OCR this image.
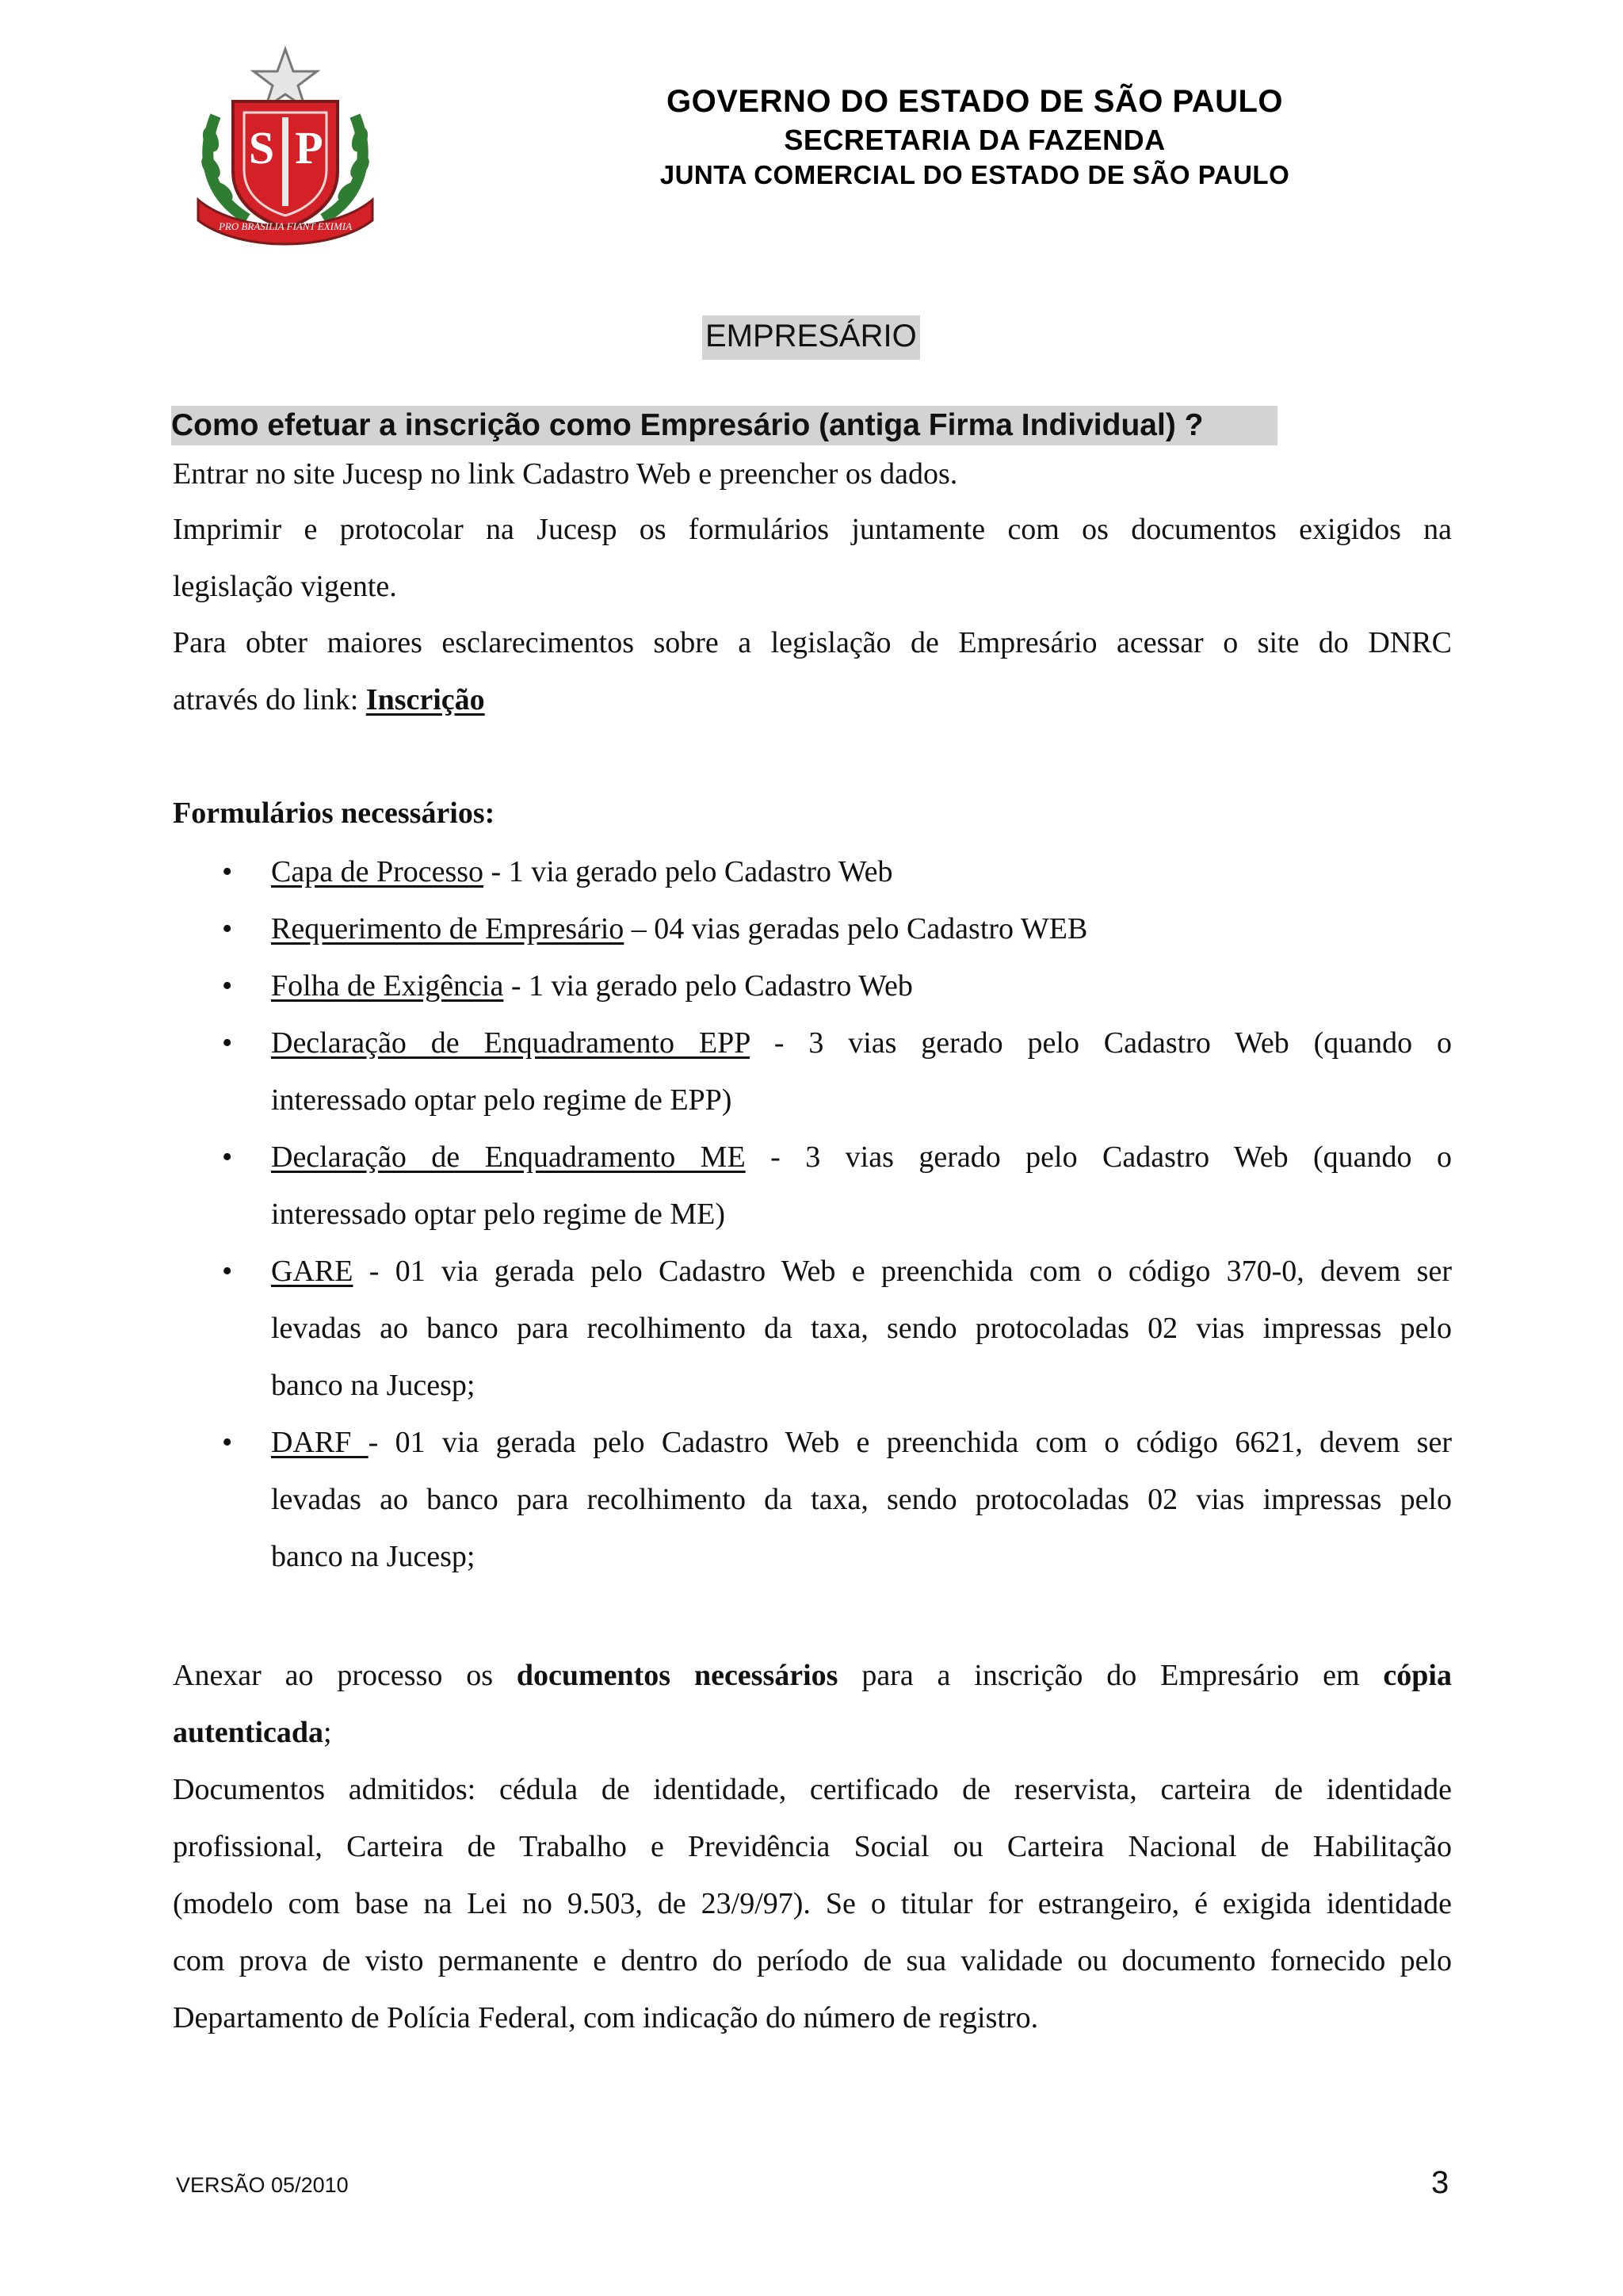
S P
PRO BRASILIA FIANT EXIMIA
GOVERNO DO ESTADO DE SÃO PAULO
SECRETARIA DA FAZENDA
JUNTA COMERCIAL DO ESTADO DE SÃO PAULO
EMPRESÁRIO
Como efetuar a inscrição como Empresário (antiga Firma Individual) ?
Entrar no site Jucesp no link Cadastro Web e preencher os dados.
Imprimir e protocolar na Jucesp os formulários juntamente com os documentos exigidos na
legislação vigente.
Para obter maiores esclarecimentos sobre a legislação de Empresário acessar o site do DNRC
através do link: Inscrição
Formulários necessários:
•
Capa de Processo - 1 via gerado pelo Cadastro Web
•
Requerimento de Empresário – 04 vias geradas pelo Cadastro WEB
•
Folha de Exigência - 1 via gerado pelo Cadastro Web
•
Declaração de Enquadramento EPP - 3 vias gerado pelo Cadastro Web (quando o
interessado optar pelo regime de EPP)
•
Declaração de Enquadramento ME - 3 vias gerado pelo Cadastro Web (quando o
interessado optar pelo regime de ME)
•
GARE - 01 via gerada pelo Cadastro Web e preenchida com o código 370-0, devem ser
levadas ao banco para recolhimento da taxa, sendo protocoladas 02 vias impressas pelo
banco na Jucesp;
•
DARF - 01 via gerada pelo Cadastro Web e preenchida com o código 6621, devem ser
levadas ao banco para recolhimento da taxa, sendo protocoladas 02 vias impressas pelo
banco na Jucesp;
Anexar ao processo os documentos necessários para a inscrição do Empresário em cópia
autenticada;
Documentos admitidos: cédula de identidade, certificado de reservista, carteira de identidade
profissional, Carteira de Trabalho e Previdência Social ou Carteira Nacional de Habilitação
(modelo com base na Lei no 9.503, de 23/9/97). Se o titular for estrangeiro, é exigida identidade
com prova de visto permanente e dentro do período de sua validade ou documento fornecido pelo
Departamento de Polícia Federal, com indicação do número de registro.
VERSÃO 05/2010	3
